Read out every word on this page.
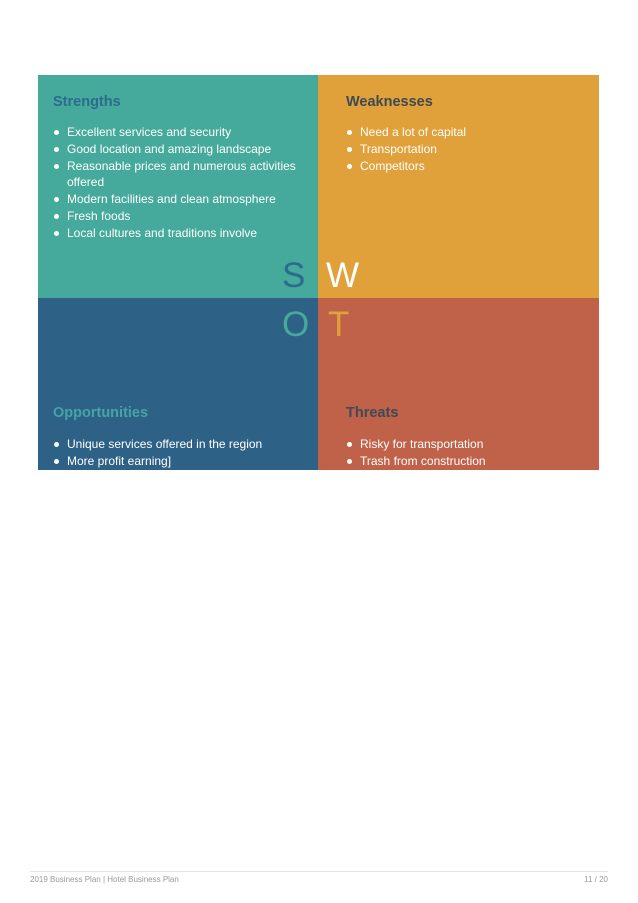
Strengths
Excellent services and security
Good location and amazing landscape
Reasonable prices and numerous activities offered
Modern facilities and clean atmosphere
Fresh foods
Local cultures and traditions involve
Weaknesses
Need a lot of capital
Transportation
Competitors
Opportunities
Unique services offered in the region
More profit earning]
More visitors
Increase GDP in the country
Job opportunities
Threats
Risky for transportation
Trash from construction
No clean water
No electricity
Weather and natural
S W
O T
2019 Business Plan | Hotel Business Plan	11 / 20
